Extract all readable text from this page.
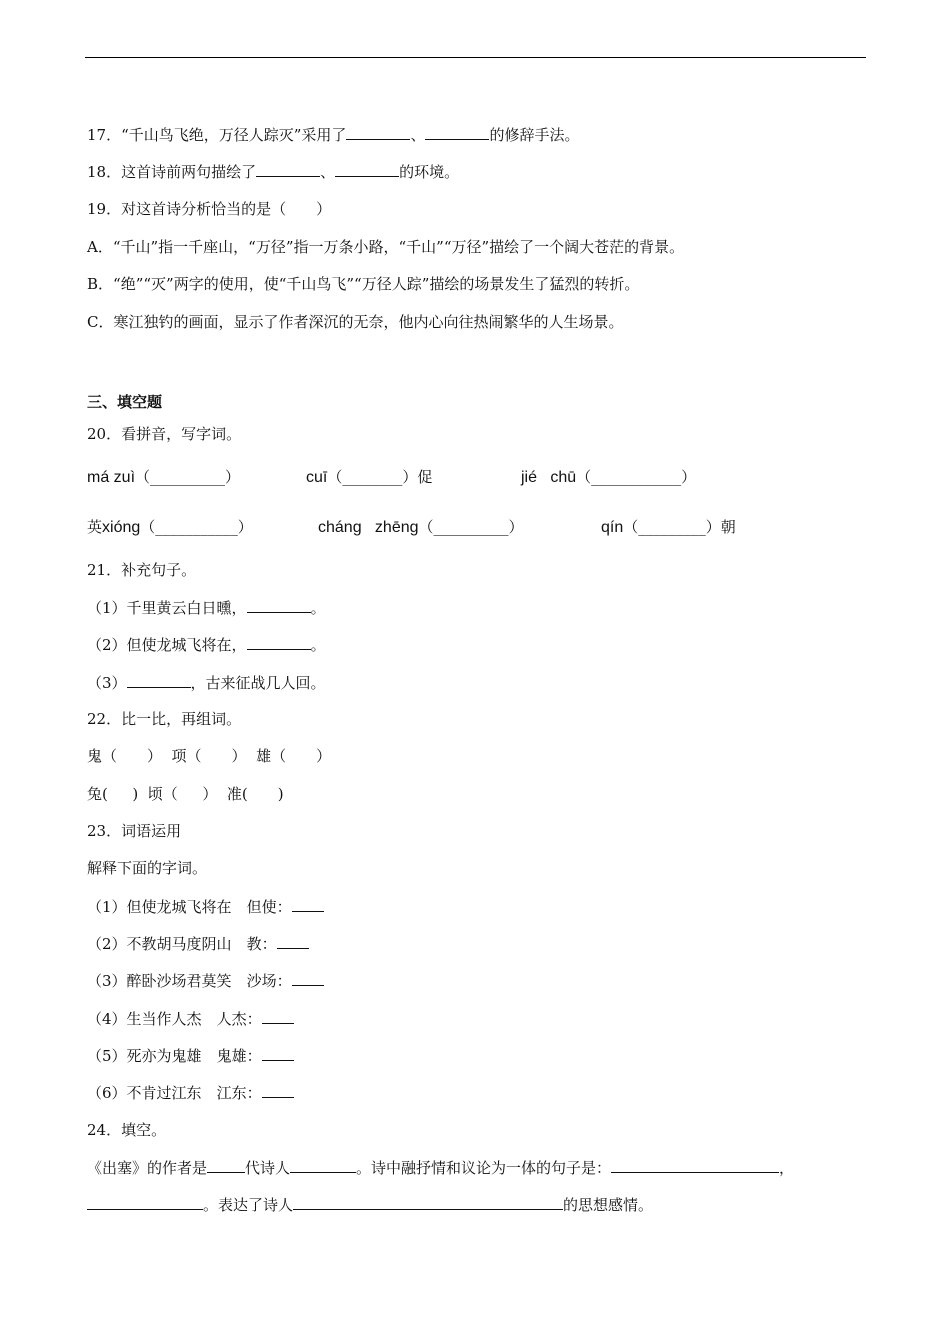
17．“千山鸟飞绝，万径人踪灭”采用了	、	的修辞手法。
18．这首诗前两句描绘了	、	的环境。
19．对这首诗分析恰当的是（　　）
A．“千山”指一千座山，“万径”指一万条小路，“千山”“万径”描绘了一个阔大苍茫的背景。
B．“绝”“灭”两字的使用，使“千山鸟飞”“万径人踪”描绘的场景发生了猛烈的转折。
C．寒江独钓的画面，显示了作者深沉的无奈，他内心向往热闹繁华的人生场景。
三、填空题
20．看拼音，写字词。
má zuì（__________）	cuī（________）促	jié   chū（____________）
英xióng（___________）	cháng   zhēng（__________）	qín（_________）朝
21．补充句子。
（1）千里黄云白日曛，	。
（2）但使龙城飞将在，	。
（3）	，古来征战几人回。
22．比一比，再组词。
鬼（　　）  项（　　）  雄（　　）
兔(　  )  顷（　  ）  准(　　)
23．词语运用
解释下面的字词。
（1）但使龙城飞将在　 但使：
（2）不教胡马度阴山　 教：
（3）醉卧沙场君莫笑　 沙场：
（4）生当作人杰　 人杰：
（5）死亦为鬼雄　 鬼雄：
（6）不肯过江东　 江东：
24．填空。
《出塞》的作者是	代诗人	。诗中融抒情和议论为一体的句子是：	，
。表达了诗人	的思想感情。
